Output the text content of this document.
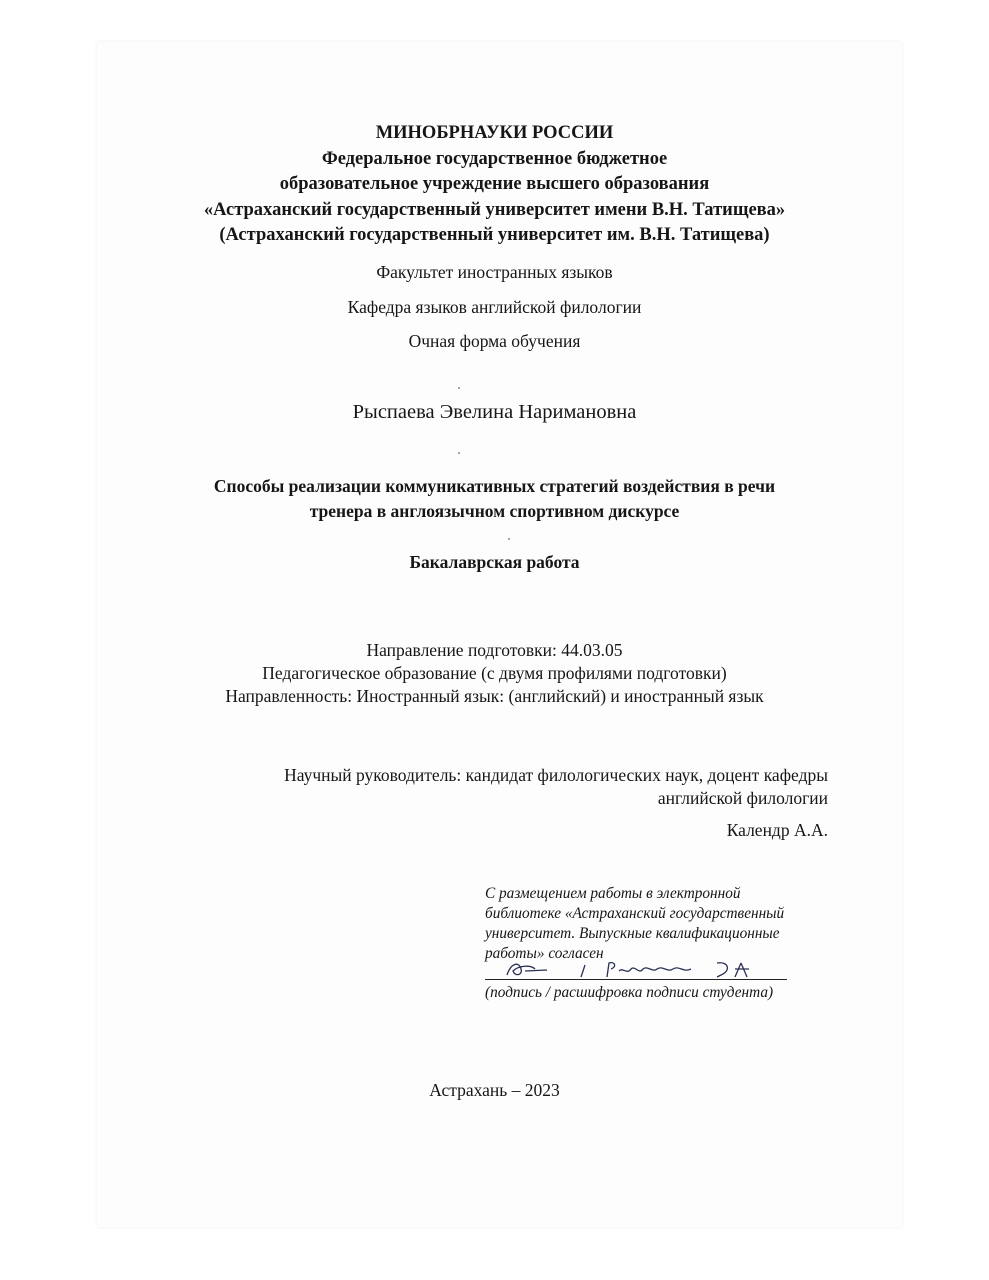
МИНОБРНАУКИ РОССИИ
Федеральное государственное бюджетное
образовательное учреждение высшего образования
«Астраханский государственный университет имени В.Н. Татищева»
(Астраханский государственный университет им. В.Н. Татищева)
Факультет иностранных языков
Кафедра языков английской филологии
Очная форма обучения
Рыспаева Эвелина Наримановна
Способы реализации коммуникативных стратегий воздействия в речи
тренера в англоязычном спортивном дискурсе
Бакалаврская работа
Направление подготовки: 44.03.05
Педагогическое образование (с двумя профилями подготовки)
Направленность: Иностранный язык: (английский) и иностранный язык
Научный руководитель: кандидат филологических наук, доцент кафедры
английской филологии
Календр А.А.
С размещением работы в электронной
библиотеке «Астраханский государственный
университет. Выпускные квалификационные
работы» согласен
(подпись / расшифровка подписи студента)
Астрахань – 2023
